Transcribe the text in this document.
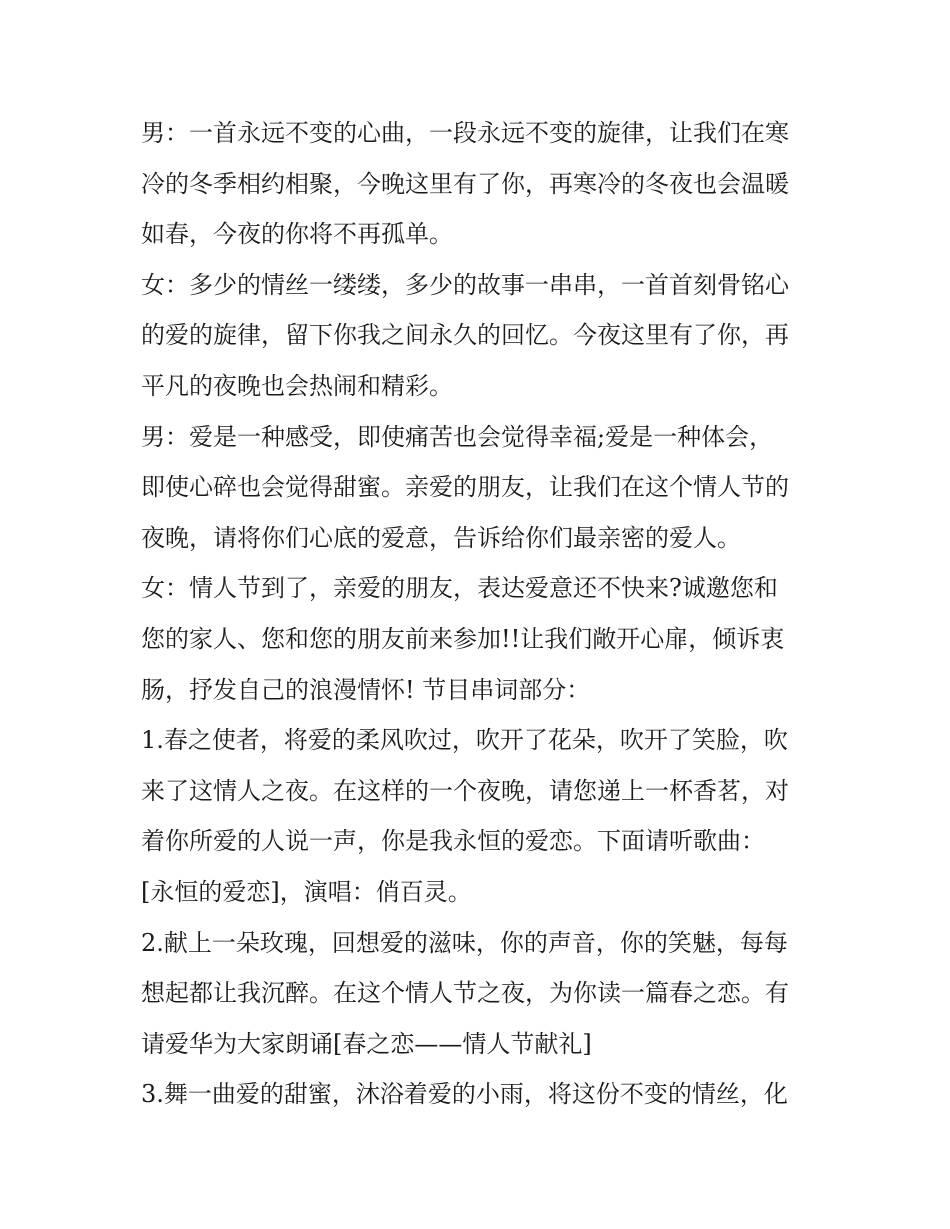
男：一首永远不变的心曲，一段永远不变的旋律，让我们在寒
冷的冬季相约相聚，今晚这里有了你，再寒冷的冬夜也会温暖
如春，今夜的你将不再孤单。
女：多少的情丝一缕缕，多少的故事一串串，一首首刻骨铭心
的爱的旋律，留下你我之间永久的回忆。今夜这里有了你，再
平凡的夜晚也会热闹和精彩。
男：爱是一种感受，即使痛苦也会觉得幸福;爱是一种体会，
即使心碎也会觉得甜蜜。亲爱的朋友，让我们在这个情人节的
夜晚，请将你们心底的爱意，告诉给你们最亲密的爱人。
女：情人节到了，亲爱的朋友，表达爱意还不快来?诚邀您和
您的家人、您和您的朋友前来参加!!让我们敞开心扉，倾诉衷
肠，抒发自己的浪漫情怀! 节目串词部分：
1.春之使者，将爱的柔风吹过，吹开了花朵，吹开了笑脸，吹
来了这情人之夜。在这样的一个夜晚，请您递上一杯香茗，对
着你所爱的人说一声，你是我永恒的爱恋。下面请听歌曲：
[永恒的爱恋]，演唱：俏百灵。
2.献上一朵玫瑰，回想爱的滋味，你的声音，你的笑魅，每每
想起都让我沉醉。在这个情人节之夜，为你读一篇春之恋。有
请爱华为大家朗诵[春之恋——情人节献礼]
3.舞一曲爱的甜蜜，沐浴着爱的小雨，将这份不变的情丝，化
